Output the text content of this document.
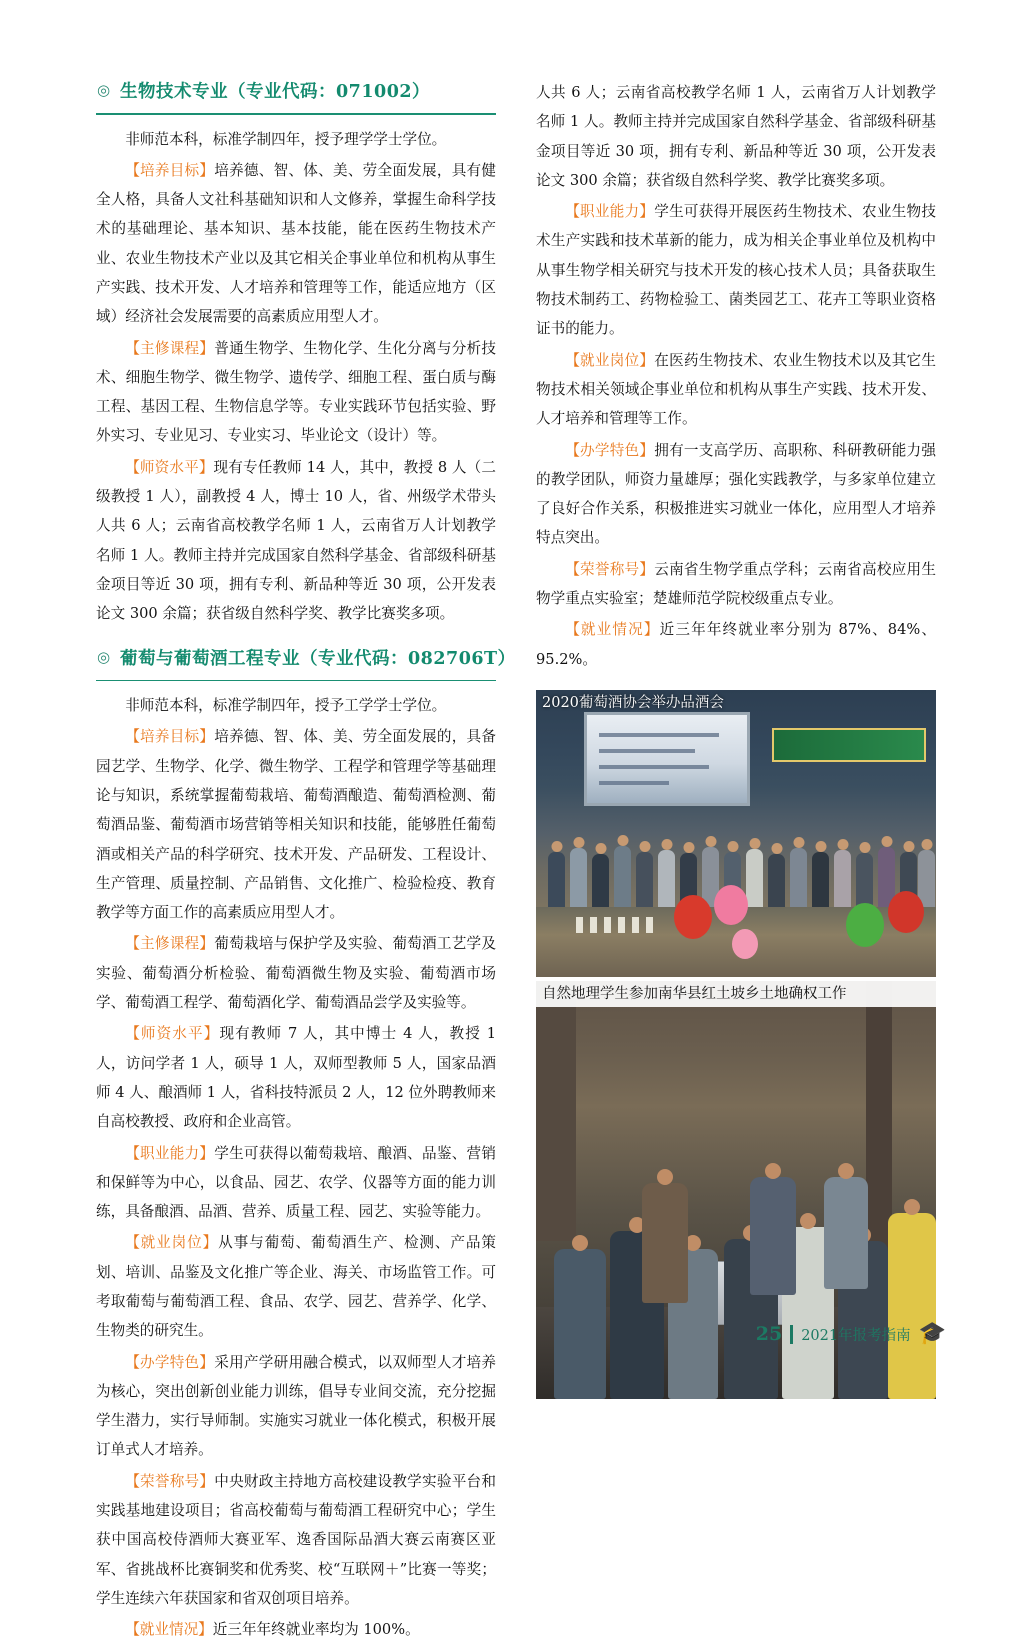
◎ 生物技术专业（专业代码：071002）

非师范本科，标准学制四年，授予理学学士学位。

【培养目标】培养德、智、体、美、劳全面发展，具有健全人格，具备人文社科基础知识和人文修养，掌握生命科学技术的基础理论、基本知识、基本技能，能在医药生物技术产业、农业生物技术产业以及其它相关企事业单位和机构从事生产实践、技术开发、人才培养和管理等工作，能适应地方（区域）经济社会发展需要的高素质应用型人才。

【主修课程】普通生物学、生物化学、生化分离与分析技术、细胞生物学、微生物学、遗传学、细胞工程、蛋白质与酶工程、基因工程、生物信息学等。专业实践环节包括实验、野外实习、专业见习、专业实习、毕业论文（设计）等。

【师资水平】现有专任教师 14 人，其中，教授 8 人（二级教授 1 人），副教授 4 人，博士 10 人，省、州级学术带头人共 6 人；云南省高校教学名师 1 人，云南省万人计划教学名师 1 人。教师主持并完成国家自然科学基金、省部级科研基金项目等近 30 项，拥有专利、新品种等近 30 项，公开发表论文 300 余篇；获省级自然科学奖、教学比赛奖多项。

◎ 葡萄与葡萄酒工程专业（专业代码：082706T）

非师范本科，标准学制四年，授予工学学士学位。

【培养目标】培养德、智、体、美、劳全面发展的，具备园艺学、生物学、化学、微生物学、工程学和管理学等基础理论与知识，系统掌握葡萄栽培、葡萄酒酿造、葡萄酒检测、葡萄酒品鉴、葡萄酒市场营销等相关知识和技能，能够胜任葡萄酒或相关产品的科学研究、技术开发、产品研发、工程设计、生产管理、质量控制、产品销售、文化推广、检验检疫、教育教学等方面工作的高素质应用型人才。

【主修课程】葡萄栽培与保护学及实验、葡萄酒工艺学及实验、葡萄酒分析检验、葡萄酒微生物及实验、葡萄酒市场学、葡萄酒工程学、葡萄酒化学、葡萄酒品尝学及实验等。

【师资水平】现有教师 7 人，其中博士 4 人，教授 1 人，访问学者 1 人，硕导 1 人，双师型教师 5 人，国家品酒师 4 人、酿酒师 1 人，省科技特派员 2 人，12 位外聘教师来自高校教授、政府和企业高管。

【职业能力】学生可获得以葡萄栽培、酿酒、品鉴、营销和保鲜等为中心，以食品、园艺、农学、仪器等方面的能力训练，具备酿酒、品酒、营养、质量工程、园艺、实验等能力。

【就业岗位】从事与葡萄、葡萄酒生产、检测、产品策划、培训、品鉴及文化推广等企业、海关、市场监管工作。可考取葡萄与葡萄酒工程、食品、农学、园艺、营养学、化学、生物类的研究生。

【办学特色】采用产学研用融合模式，以双师型人才培养为核心，突出创新创业能力训练，倡导专业间交流，充分挖掘学生潜力，实行导师制。实施实习就业一体化模式，积极开展订单式人才培养。

【荣誉称号】中央财政主持地方高校建设教学实验平台和实践基地建设项目；省高校葡萄与葡萄酒工程研究中心；学生获中国高校侍酒师大赛亚军、逸香国际品酒大赛云南赛区亚军、省挑战杯比赛铜奖和优秀奖、校“互联网＋”比赛一等奖；学生连续六年获国家和省双创项目培养。

【就业情况】近三年年终就业率均为 100%。

人共 6 人；云南省高校教学名师 1 人，云南省万人计划教学名师 1 人。教师主持并完成国家自然科学基金、省部级科研基金项目等近 30 项，拥有专利、新品种等近 30 项，公开发表论文 300 余篇；获省级自然科学奖、教学比赛奖多项。

【职业能力】学生可获得开展医药生物技术、农业生物技术生产实践和技术革新的能力，成为相关企事业单位及机构中从事生物学相关研究与技术开发的核心技术人员；具备获取生物技术制药工、药物检验工、菌类园艺工、花卉工等职业资格证书的能力。

【就业岗位】在医药生物技术、农业生物技术以及其它生物技术相关领域企事业单位和机构从事生产实践、技术开发、人才培养和管理等工作。

【办学特色】拥有一支高学历、高职称、科研教研能力强的教学团队，师资力量雄厚；强化实践教学，与多家单位建立了良好合作关系，积极推进实习就业一体化，应用型人才培养特点突出。

【荣誉称号】云南省生物学重点学科；云南省高校应用生物学重点实验室；楚雄师范学院校级重点专业。

【就业情况】近三年年终就业率分别为 87%、84%、95.2%。

2020葡萄酒协会举办品酒会
自然地理学生参加南华县红土坡乡土地确权工作
25 2021年报考指南 🎓
